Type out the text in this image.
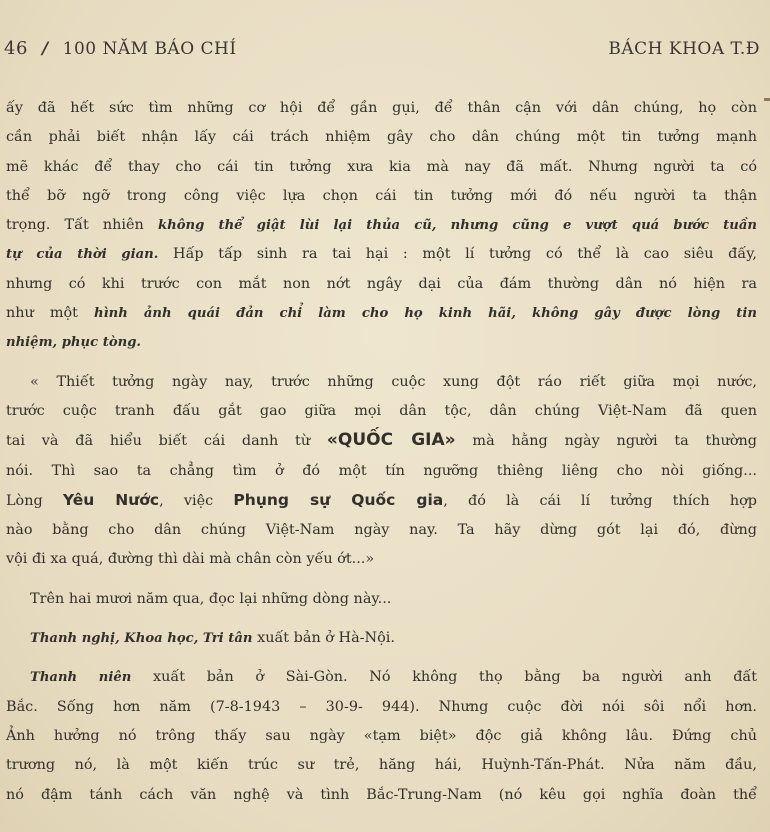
46 / 100 NĂM BÁO CHÍ	BÁCH KHOA T.Đ

ấy đã hết sức tìm những cơ hội để gần gụi, để thân cận với dân chúng, họ còn

cần phải biết nhận lấy cái trách nhiệm gây cho dân chúng một tin tưởng mạnh

mẽ khác để thay cho cái tin tưởng xưa kia mà nay đã mất. Nhưng người ta có

thể bỡ ngỡ trong công việc lựa chọn cái tin tưởng mới đó nếu người ta thận

trọng. Tất nhiên không thể giật lùi lại thủa cũ, nhưng cũng e vượt quá bước tuần

tự của thời gian. Hấp tấp sinh ra tai hại : một lí tưởng có thể là cao siêu đấy,

nhưng có khi trước con mắt non nớt ngây dại của đám thường dân nó hiện ra

như một hình ảnh quái đản chỉ làm cho họ kinh hãi, không gây được lòng tin

nhiệm, phục tòng.

« Thiết tưởng ngày nay, trước những cuộc xung đột ráo riết giữa mọi nước,

trước cuộc tranh đấu gắt gao giữa mọi dân tộc, dân chúng Việt-Nam đã quen

tai và đã hiểu biết cái danh từ «QUỐC GIA» mà hằng ngày người ta thường

nói. Thì sao ta chẳng tìm ở đó một tín ngưỡng thiêng liêng cho nòi giống...

Lòng Yêu Nước, việc Phụng sự Quốc gia, đó là cái lí tưởng thích hợp

nào bằng cho dân chúng Việt-Nam ngày nay. Ta hãy dừng gót lại đó, đừng

vội đi xa quá, đường thì dài mà chân còn yếu ớt...»

Trên hai mươi năm qua, đọc lại những dòng này...

Thanh nghị, Khoa học, Tri tân xuất bản ở Hà-Nội.

Thanh niên xuất bản ở Sài-Gòn. Nó không thọ bằng ba người anh đất

Bắc. Sống hơn năm (7-8-1943 – 30-9- 944). Nhưng cuộc đời nói sôi nổi hơn.

Ảnh hưởng nó trông thấy sau ngày «tạm biệt» độc giả không lâu. Đứng chủ

trương nó, là một kiến trúc sư trẻ, hăng hái, Huỳnh-Tấn-Phát. Nửa năm đầu,

nó đậm tánh cách văn nghệ và tình Bắc-Trung-Nam (nó kêu gọi nghĩa đoàn thể
